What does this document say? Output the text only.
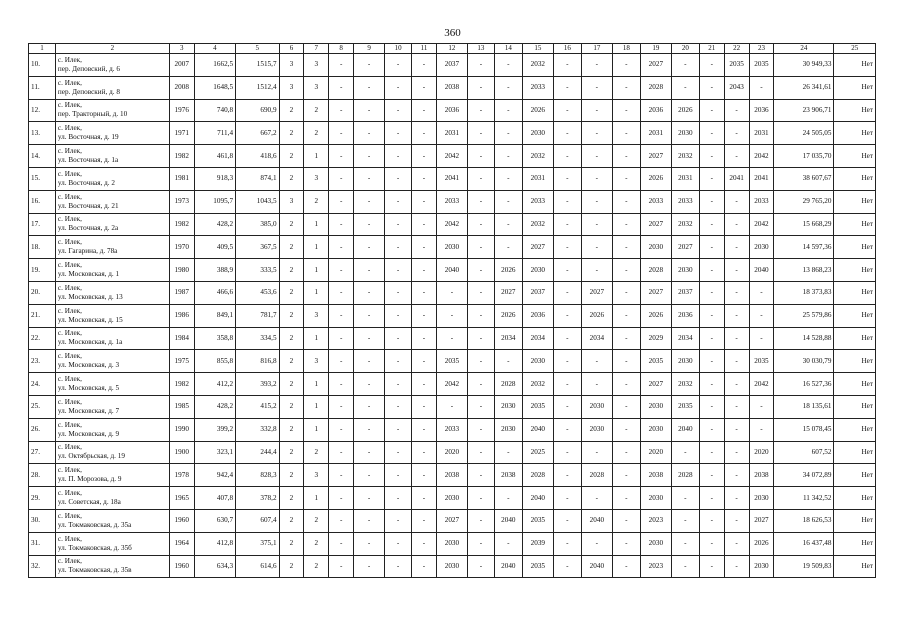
360
1	2	3	4	5	6	7	8	9	10	11	12	13	14	15	16	17	18	19	20	21	22	23	24	25
10.	с. Илек,
пер. Деповский, д. 6	2007	1662,5	1515,7	3	3	-	-	-	-	2037	-	-	2032	-	-	-	2027	-	-	2035	2035	30 949,33	Нет
11.	с. Илек,
пер. Деповский, д. 8	2008	1648,5	1512,4	3	3	-	-	-	-	2038	-	-	2033	-	-	-	2028	-	-	2043	-	26 341,61	Нет
12.	с. Илек,
пер. Тракторный, д. 10	1976	740,8	690,9	2	2	-	-	-	-	2036	-	-	2026	-	-	-	2036	2026	-	-	2036	23 906,71	Нет
13.	с. Илек,
ул. Восточная, д. 19	1971	711,4	667,2	2	2	-	-	-	-	2031	-	-	2030	-	-	-	2031	2030	-	-	2031	24 505,05	Нет
14.	с. Илек,
ул. Восточная, д. 1а	1982	461,8	418,6	2	1	-	-	-	-	2042	-	-	2032	-	-	-	2027	2032	-	-	2042	17 035,70	Нет
15.	с. Илек,
ул. Восточная, д. 2	1981	918,3	874,1	2	3	-	-	-	-	2041	-	-	2031	-	-	-	2026	2031	-	2041	2041	38 607,67	Нет
16.	с. Илек,
ул. Восточная, д. 21	1973	1095,7	1043,5	3	2	-	-	-	-	2033	-	-	2033	-	-	-	2033	2033	-	-	2033	29 765,20	Нет
17.	с. Илек,
ул. Восточная, д. 2а	1982	428,2	385,0	2	1	-	-	-	-	2042	-	-	2032	-	-	-	2027	2032	-	-	2042	15 668,29	Нет
18.	с. Илек,
ул. Гагарина, д. 78а	1970	409,5	367,5	2	1	-	-	-	-	2030	-	-	2027	-	-	-	2030	2027	-	-	2030	14 597,36	Нет
19.	с. Илек,
ул. Московская, д. 1	1980	388,9	333,5	2	1	-	-	-	-	2040	-	2026	2030	-	-	-	2028	2030	-	-	2040	13 868,23	Нет
20.	с. Илек,
ул. Московская, д. 13	1987	466,6	453,6	2	1	-	-	-	-	-	-	2027	2037	-	2027	-	2027	2037	-	-	-	18 373,83	Нет
21.	с. Илек,
ул. Московская, д. 15	1986	849,1	781,7	2	3	-	-	-	-	-	-	2026	2036	-	2026	-	2026	2036	-	-	-	25 579,86	Нет
22.	с. Илек,
ул. Московская, д. 1а	1984	358,8	334,5	2	1	-	-	-	-	-	-	2034	2034	-	2034	-	2029	2034	-	-	-	14 528,88	Нет
23.	с. Илек,
ул. Московская, д. 3	1975	855,8	816,8	2	3	-	-	-	-	2035	-	-	2030	-	-	-	2035	2030	-	-	2035	30 030,79	Нет
24.	с. Илек,
ул. Московская, д. 5	1982	412,2	393,2	2	1	-	-	-	-	2042	-	2028	2032	-	-	-	2027	2032	-	-	2042	16 527,36	Нет
25.	с. Илек,
ул. Московская, д. 7	1985	428,2	415,2	2	1	-	-	-	-	-	-	2030	2035	-	2030	-	2030	2035	-	-	-	18 135,61	Нет
26.	с. Илек,
ул. Московская, д. 9	1990	399,2	332,8	2	1	-	-	-	-	2033	-	2030	2040	-	2030	-	2030	2040	-	-	-	15 078,45	Нет
27.	с. Илек,
ул. Октябрьская, д. 19	1900	323,1	244,4	2	2	-	-	-	-	2020	-	-	2025	-	-	-	2020	-	-	-	2020	607,52	Нет
28.	с. Илек,
ул. П. Морозова, д. 9	1978	942,4	828,3	2	3	-	-	-	-	2038	-	2038	2028	-	2028	-	2038	2028	-	-	2038	34 072,89	Нет
29.	с. Илек,
ул. Советская, д. 18а	1965	407,8	378,2	2	1	-	-	-	-	2030	-	-	2040	-	-	-	2030	-	-	-	2030	11 342,52	Нет
30.	с. Илек,
ул. Токмаковская, д. 35а	1960	630,7	607,4	2	2	-	-	-	-	2027	-	2040	2035	-	2040	-	2023	-	-	-	2027	18 626,53	Нет
31.	с. Илек,
ул. Токмаковская, д. 35б	1964	412,8	375,1	2	2	-	-	-	-	2030	-	-	2039	-	-	-	2030	-	-	-	2026	16 437,48	Нет
32.	с. Илек,
ул. Токмаковская, д. 35в	1960	634,3	614,6	2	2	-	-	-	-	2030	-	2040	2035	-	2040	-	2023	-	-	-	2030	19 509,83	Нет
